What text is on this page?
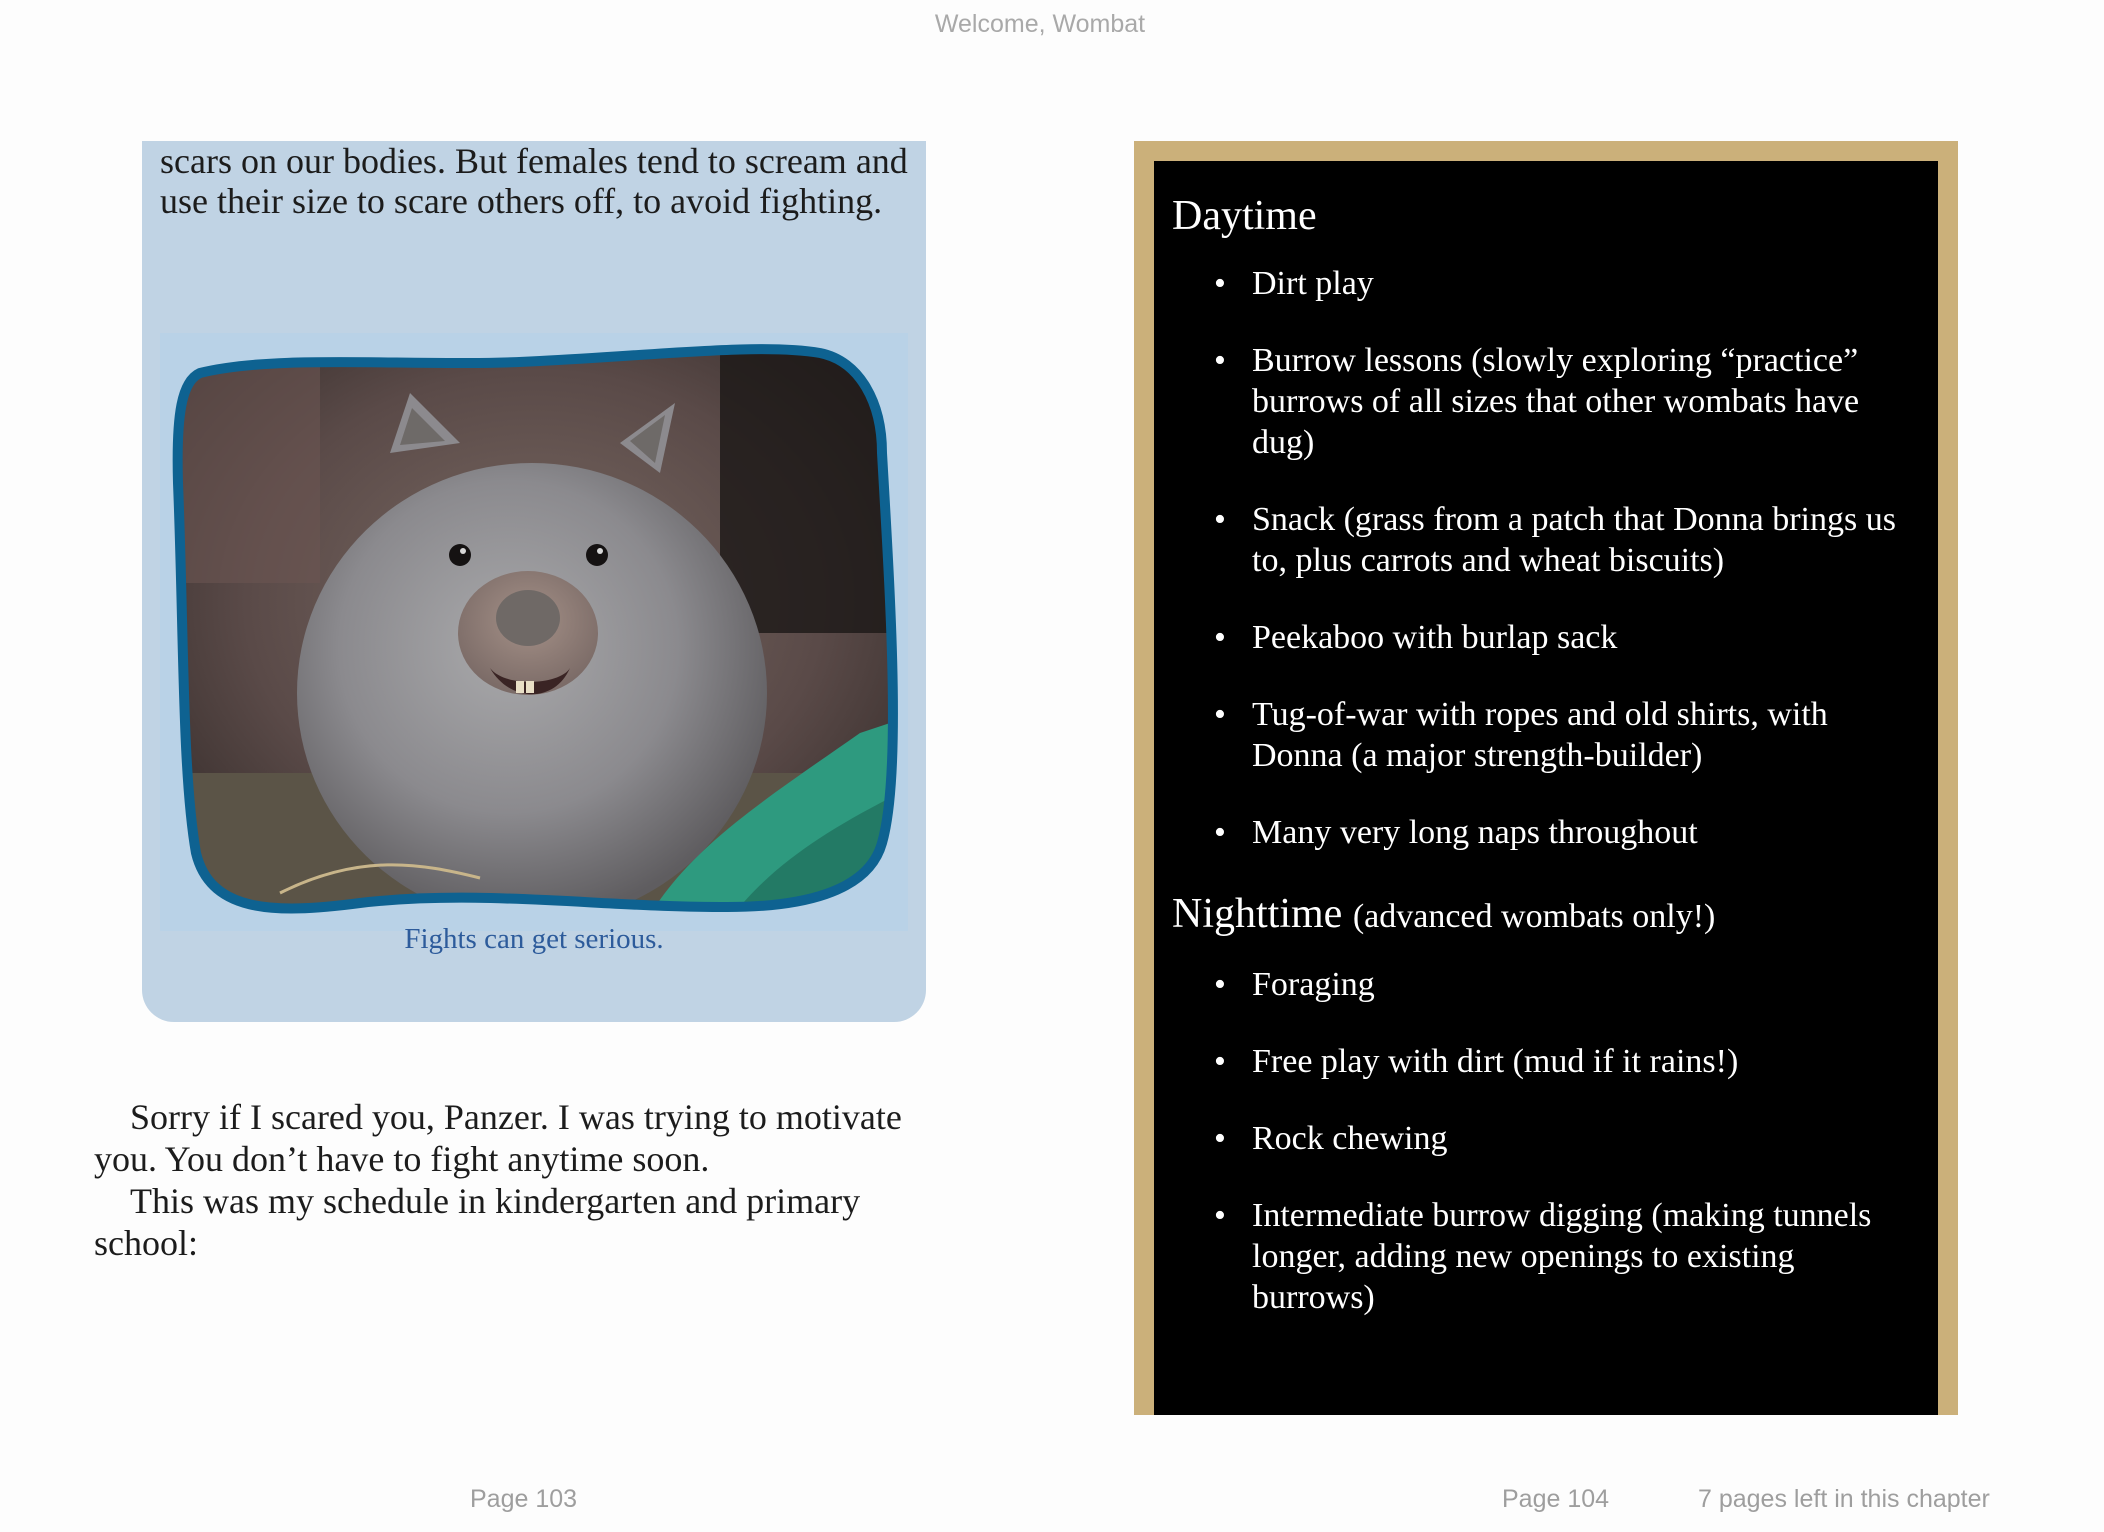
Welcome, Wombat

scars on our bodies. But females tend to scream and use their size to scare others off, to avoid fighting.

Fights can get serious.

Sorry if I scared you, Panzer. I was trying to motivate you. You don’t have to fight anytime soon.

This was my schedule in kindergarten and primary school:

Daytime
• Dirt play
• Burrow lessons (slowly exploring “practice” burrows of all sizes that other wombats have dug)
• Snack (grass from a patch that Donna brings us to, plus carrots and wheat biscuits)
• Peekaboo with burlap sack
• Tug-of-war with ropes and old shirts, with Donna (a major strength-builder)
• Many very long naps throughout
Nighttime (advanced wombats only!)
• Foraging
• Free play with dirt (mud if it rains!)
• Rock chewing
• Intermediate burrow digging (making tunnels longer, adding new openings to existing burrows)
Page 103	Page 104	7 pages left in this chapter
